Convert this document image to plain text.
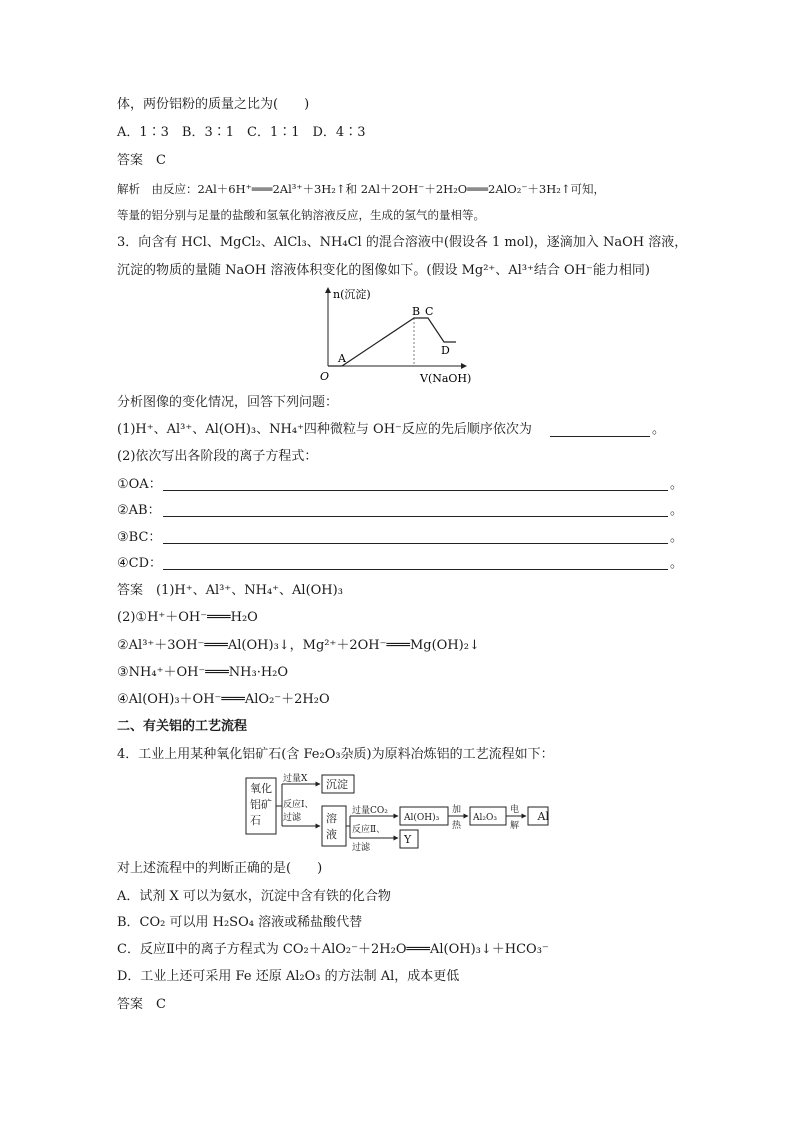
体，两份铝粉的质量之比为(　　)
A．1∶3　B．3∶1　C．1∶1　D．4∶3
答案　C
解析　由反应：2Al＋6H⁺═══2Al³⁺＋3H₂↑和 2Al＋2OH⁻＋2H₂O═══2AlO₂⁻＋3H₂↑可知，
等量的铝分别与足量的盐酸和氢氧化钠溶液反应，生成的氢气的量相等。
3．向含有 HCl、MgCl₂、AlCl₃、NH₄Cl 的混合溶液中(假设各 1 mol)，逐滴加入 NaOH 溶液，
沉淀的物质的量随 NaOH 溶液体积变化的图像如下。(假设 Mg²⁺、Al³⁺结合 OH⁻能力相同)
n(沉淀)
V(NaOH)
O
A
B C
D
分析图像的变化情况，回答下列问题：
(1)H⁺、Al³⁺、Al(OH)₃、NH₄⁺四种微粒与 OH⁻反应的先后顺序依次为	。
(2)依次写出各阶段的离子方程式：
①OA：	。
②AB：	。
③BC：	。
④CD：	。
答案　(1)H⁺、Al³⁺、NH₄⁺、Al(OH)₃
(2)①H⁺＋OH⁻═══H₂O
②Al³⁺＋3OH⁻═══Al(OH)₃↓，Mg²⁺＋2OH⁻═══Mg(OH)₂↓
③NH₄⁺＋OH⁻═══NH₃·H₂O
④Al(OH)₃＋OH⁻═══AlO₂⁻＋2H₂O
二、有关铝的工艺流程
4．工业上用某种氧化铝矿石(含 Fe₂O₃杂质)为原料冶炼铝的工艺流程如下：
氧化
铝矿
石
沉淀
溶
液
Al
Y
过量X
反应Ⅰ、
过滤
过量CO₂
反应Ⅱ、
过滤
Al(OH)₃	Al₂O₃
加
热
电
解
对上述流程中的判断正确的是(　　)
A．试剂 X 可以为氨水，沉淀中含有铁的化合物
B．CO₂ 可以用 H₂SO₄ 溶液或稀盐酸代替
C．反应Ⅱ中的离子方程式为 CO₂＋AlO₂⁻＋2H₂O═══Al(OH)₃↓＋HCO₃⁻
D．工业上还可采用 Fe 还原 Al₂O₃ 的方法制 Al，成本更低
答案　C
